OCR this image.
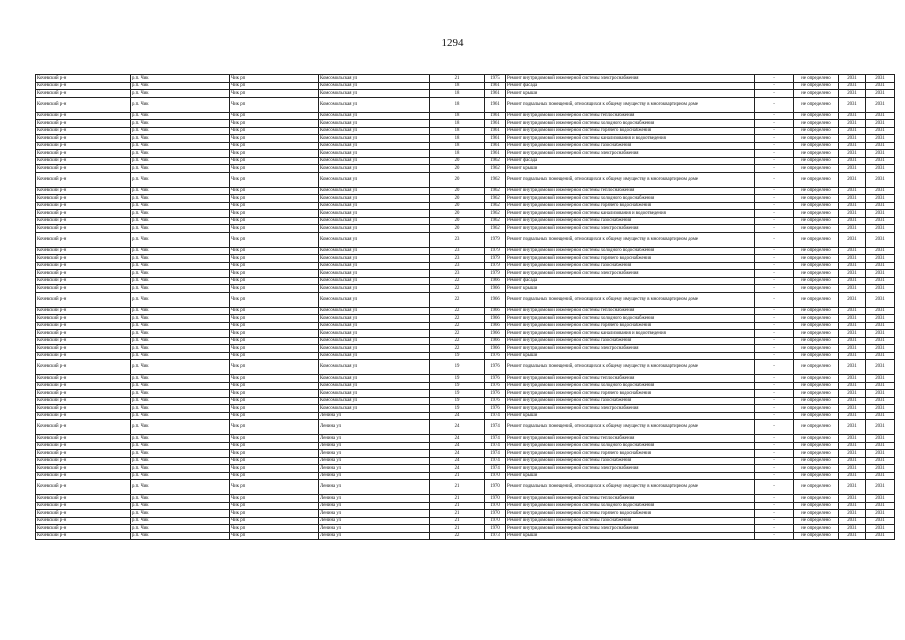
1294
Кочевский р-н	р.п. Чик	Чик рп	Комсомольская ул	21	1975	Ремонт внутридомовой инженерной системы электроснабжения	-	не определено	2031	2031
Кочевский р-н	р.п. Чик	Чик рп	Комсомольская ул	18	1961	Ремонт фасада	-	не определено	2031	2031
Кочевский р-н	р.п. Чик	Чик рп	Комсомольская ул	18	1961	Ремонт крыши	-	не определено	2031	2031
Кочевский р-н	р.п. Чик	Чик рп	Комсомольская ул	18	1961	Ремонт подвальных помещений, относящихся к общему имуществу в многоквартирном доме	-	не определено	2031	2031
Кочевский р-н	р.п. Чик	Чик рп	Комсомольская ул	18	1961	Ремонт внутридомовой инженерной системы теплоснабжения	-	не определено	2031	2031
Кочевский р-н	р.п. Чик	Чик рп	Комсомольская ул	18	1961	Ремонт внутридомовой инженерной системы холодного водоснабжения	-	не определено	2031	2031
Кочевский р-н	р.п. Чик	Чик рп	Комсомольская ул	18	1961	Ремонт внутридомовой инженерной системы горячего водоснабжения	-	не определено	2031	2031
Кочевский р-н	р.п. Чик	Чик рп	Комсомольская ул	18	1961	Ремонт внутридомовой инженерной системы канализования и водоотведения	-	не определено	2031	2031
Кочевский р-н	р.п. Чик	Чик рп	Комсомольская ул	18	1961	Ремонт внутридомовой инженерной системы газоснабжения	-	не определено	2031	2031
Кочевский р-н	р.п. Чик	Чик рп	Комсомольская ул	18	1961	Ремонт внутридомовой инженерной системы электроснабжения	-	не определено	2031	2031
Кочевский р-н	р.п. Чик	Чик рп	Комсомольская ул	20	1962	Ремонт фасада	-	не определено	2031	2031
Кочевский р-н	р.п. Чик	Чик рп	Комсомольская ул	20	1962	Ремонт крыши	-	не определено	2031	2031
Кочевский р-н	р.п. Чик	Чик рп	Комсомольская ул	20	1962	Ремонт подвальных помещений, относящихся к общему имуществу в многоквартирном доме	-	не определено	2031	2031
Кочевский р-н	р.п. Чик	Чик рп	Комсомольская ул	20	1962	Ремонт внутридомовой инженерной системы теплоснабжения	-	не определено	2031	2031
Кочевский р-н	р.п. Чик	Чик рп	Комсомольская ул	20	1962	Ремонт внутридомовой инженерной системы холодного водоснабжения	-	не определено	2031	2031
Кочевский р-н	р.п. Чик	Чик рп	Комсомольская ул	20	1962	Ремонт внутридомовой инженерной системы горячего водоснабжения	-	не определено	2031	2031
Кочевский р-н	р.п. Чик	Чик рп	Комсомольская ул	20	1962	Ремонт внутридомовой инженерной системы канализования и водоотведения	-	не определено	2031	2031
Кочевский р-н	р.п. Чик	Чик рп	Комсомольская ул	20	1962	Ремонт внутридомовой инженерной системы газоснабжения	-	не определено	2031	2031
Кочевский р-н	р.п. Чик	Чик рп	Комсомольская ул	20	1962	Ремонт внутридомовой инженерной системы электроснабжения	-	не определено	2031	2031
Кочевский р-н	р.п. Чик	Чик рп	Комсомольская ул	23	1979	Ремонт подвальных помещений, относящихся к общему имуществу в многоквартирном доме	-	не определено	2031	2031
Кочевский р-н	р.п. Чик	Чик рп	Комсомольская ул	23	1979	Ремонт внутридомовой инженерной системы холодного водоснабжения	-	не определено	2031	2031
Кочевский р-н	р.п. Чик	Чик рп	Комсомольская ул	23	1979	Ремонт внутридомовой инженерной системы горячего водоснабжения	-	не определено	2031	2031
Кочевский р-н	р.п. Чик	Чик рп	Комсомольская ул	23	1979	Ремонт внутридомовой инженерной системы газоснабжения	-	не определено	2031	2031
Кочевский р-н	р.п. Чик	Чик рп	Комсомольская ул	23	1979	Ремонт внутридомовой инженерной системы электроснабжения	-	не определено	2031	2031
Кочевский р-н	р.п. Чик	Чик рп	Комсомольская ул	22	1966	Ремонт фасада	-	не определено	2031	2031
Кочевский р-н	р.п. Чик	Чик рп	Комсомольская ул	22	1966	Ремонт крыши	-	не определено	2031	2031
Кочевский р-н	р.п. Чик	Чик рп	Комсомольская ул	22	1966	Ремонт подвальных помещений, относящихся к общему имуществу в многоквартирном доме	-	не определено	2031	2031
Кочевский р-н	р.п. Чик	Чик рп	Комсомольская ул	22	1966	Ремонт внутридомовой инженерной системы теплоснабжения	-	не определено	2031	2031
Кочевский р-н	р.п. Чик	Чик рп	Комсомольская ул	22	1966	Ремонт внутридомовой инженерной системы холодного водоснабжения	-	не определено	2031	2031
Кочевский р-н	р.п. Чик	Чик рп	Комсомольская ул	22	1966	Ремонт внутридомовой инженерной системы горячего водоснабжения	-	не определено	2031	2031
Кочевский р-н	р.п. Чик	Чик рп	Комсомольская ул	22	1966	Ремонт внутридомовой инженерной системы канализования и водоотведения	-	не определено	2031	2031
Кочевский р-н	р.п. Чик	Чик рп	Комсомольская ул	22	1966	Ремонт внутридомовой инженерной системы газоснабжения	-	не определено	2031	2031
Кочевский р-н	р.п. Чик	Чик рп	Комсомольская ул	22	1966	Ремонт внутридомовой инженерной системы электроснабжения	-	не определено	2031	2031
Кочевский р-н	р.п. Чик	Чик рп	Комсомольская ул	19	1976	Ремонт крыши	-	не определено	2031	2031
Кочевский р-н	р.п. Чик	Чик рп	Комсомольская ул	19	1976	Ремонт подвальных помещений, относящихся к общему имуществу в многоквартирном доме	-	не определено	2031	2031
Кочевский р-н	р.п. Чик	Чик рп	Комсомольская ул	19	1976	Ремонт внутридомовой инженерной системы теплоснабжения	-	не определено	2031	2031
Кочевский р-н	р.п. Чик	Чик рп	Комсомольская ул	19	1976	Ремонт внутридомовой инженерной системы холодного водоснабжения	-	не определено	2031	2031
Кочевский р-н	р.п. Чик	Чик рп	Комсомольская ул	19	1976	Ремонт внутридомовой инженерной системы горячего водоснабжения	-	не определено	2031	2031
Кочевский р-н	р.п. Чик	Чик рп	Комсомольская ул	19	1976	Ремонт внутридомовой инженерной системы газоснабжения	-	не определено	2031	2031
Кочевский р-н	р.п. Чик	Чик рп	Комсомольская ул	19	1976	Ремонт внутридомовой инженерной системы электроснабжения	-	не определено	2031	2031
Кочевский р-н	р.п. Чик	Чик рп	Ленина ул	24	1974	Ремонт крыши	-	не определено	2031	2031
Кочевский р-н	р.п. Чик	Чик рп	Ленина ул	24	1974	Ремонт подвальных помещений, относящихся к общему имуществу в многоквартирном доме	-	не определено	2031	2031
Кочевский р-н	р.п. Чик	Чик рп	Ленина ул	24	1974	Ремонт внутридомовой инженерной системы теплоснабжения	-	не определено	2031	2031
Кочевский р-н	р.п. Чик	Чик рп	Ленина ул	24	1974	Ремонт внутридомовой инженерной системы холодного водоснабжения	-	не определено	2031	2031
Кочевский р-н	р.п. Чик	Чик рп	Ленина ул	24	1974	Ремонт внутридомовой инженерной системы горячего водоснабжения	-	не определено	2031	2031
Кочевский р-н	р.п. Чик	Чик рп	Ленина ул	24	1974	Ремонт внутридомовой инженерной системы газоснабжения	-	не определено	2031	2031
Кочевский р-н	р.п. Чик	Чик рп	Ленина ул	24	1974	Ремонт внутридомовой инженерной системы электроснабжения	-	не определено	2031	2031
Кочевский р-н	р.п. Чик	Чик рп	Ленина ул	21	1970	Ремонт крыши	-	не определено	2031	2031
Кочевский р-н	р.п. Чик	Чик рп	Ленина ул	21	1970	Ремонт подвальных помещений, относящихся к общему имуществу в многоквартирном доме	-	не определено	2031	2031
Кочевский р-н	р.п. Чик	Чик рп	Ленина ул	21	1970	Ремонт внутридомовой инженерной системы теплоснабжения	-	не определено	2031	2031
Кочевский р-н	р.п. Чик	Чик рп	Ленина ул	21	1970	Ремонт внутридомовой инженерной системы холодного водоснабжения	-	не определено	2031	2031
Кочевский р-н	р.п. Чик	Чик рп	Ленина ул	21	1970	Ремонт внутридомовой инженерной системы горячего водоснабжения	-	не определено	2031	2031
Кочевский р-н	р.п. Чик	Чик рп	Ленина ул	21	1970	Ремонт внутридомовой инженерной системы газоснабжения	-	не определено	2031	2031
Кочевский р-н	р.п. Чик	Чик рп	Ленина ул	21	1970	Ремонт внутридомовой инженерной системы электроснабжения	-	не определено	2031	2031
Кочевский р-н	р.п. Чик	Чик рп	Ленина ул	22	1973	Ремонт крыши	-	не определено	2031	2031
